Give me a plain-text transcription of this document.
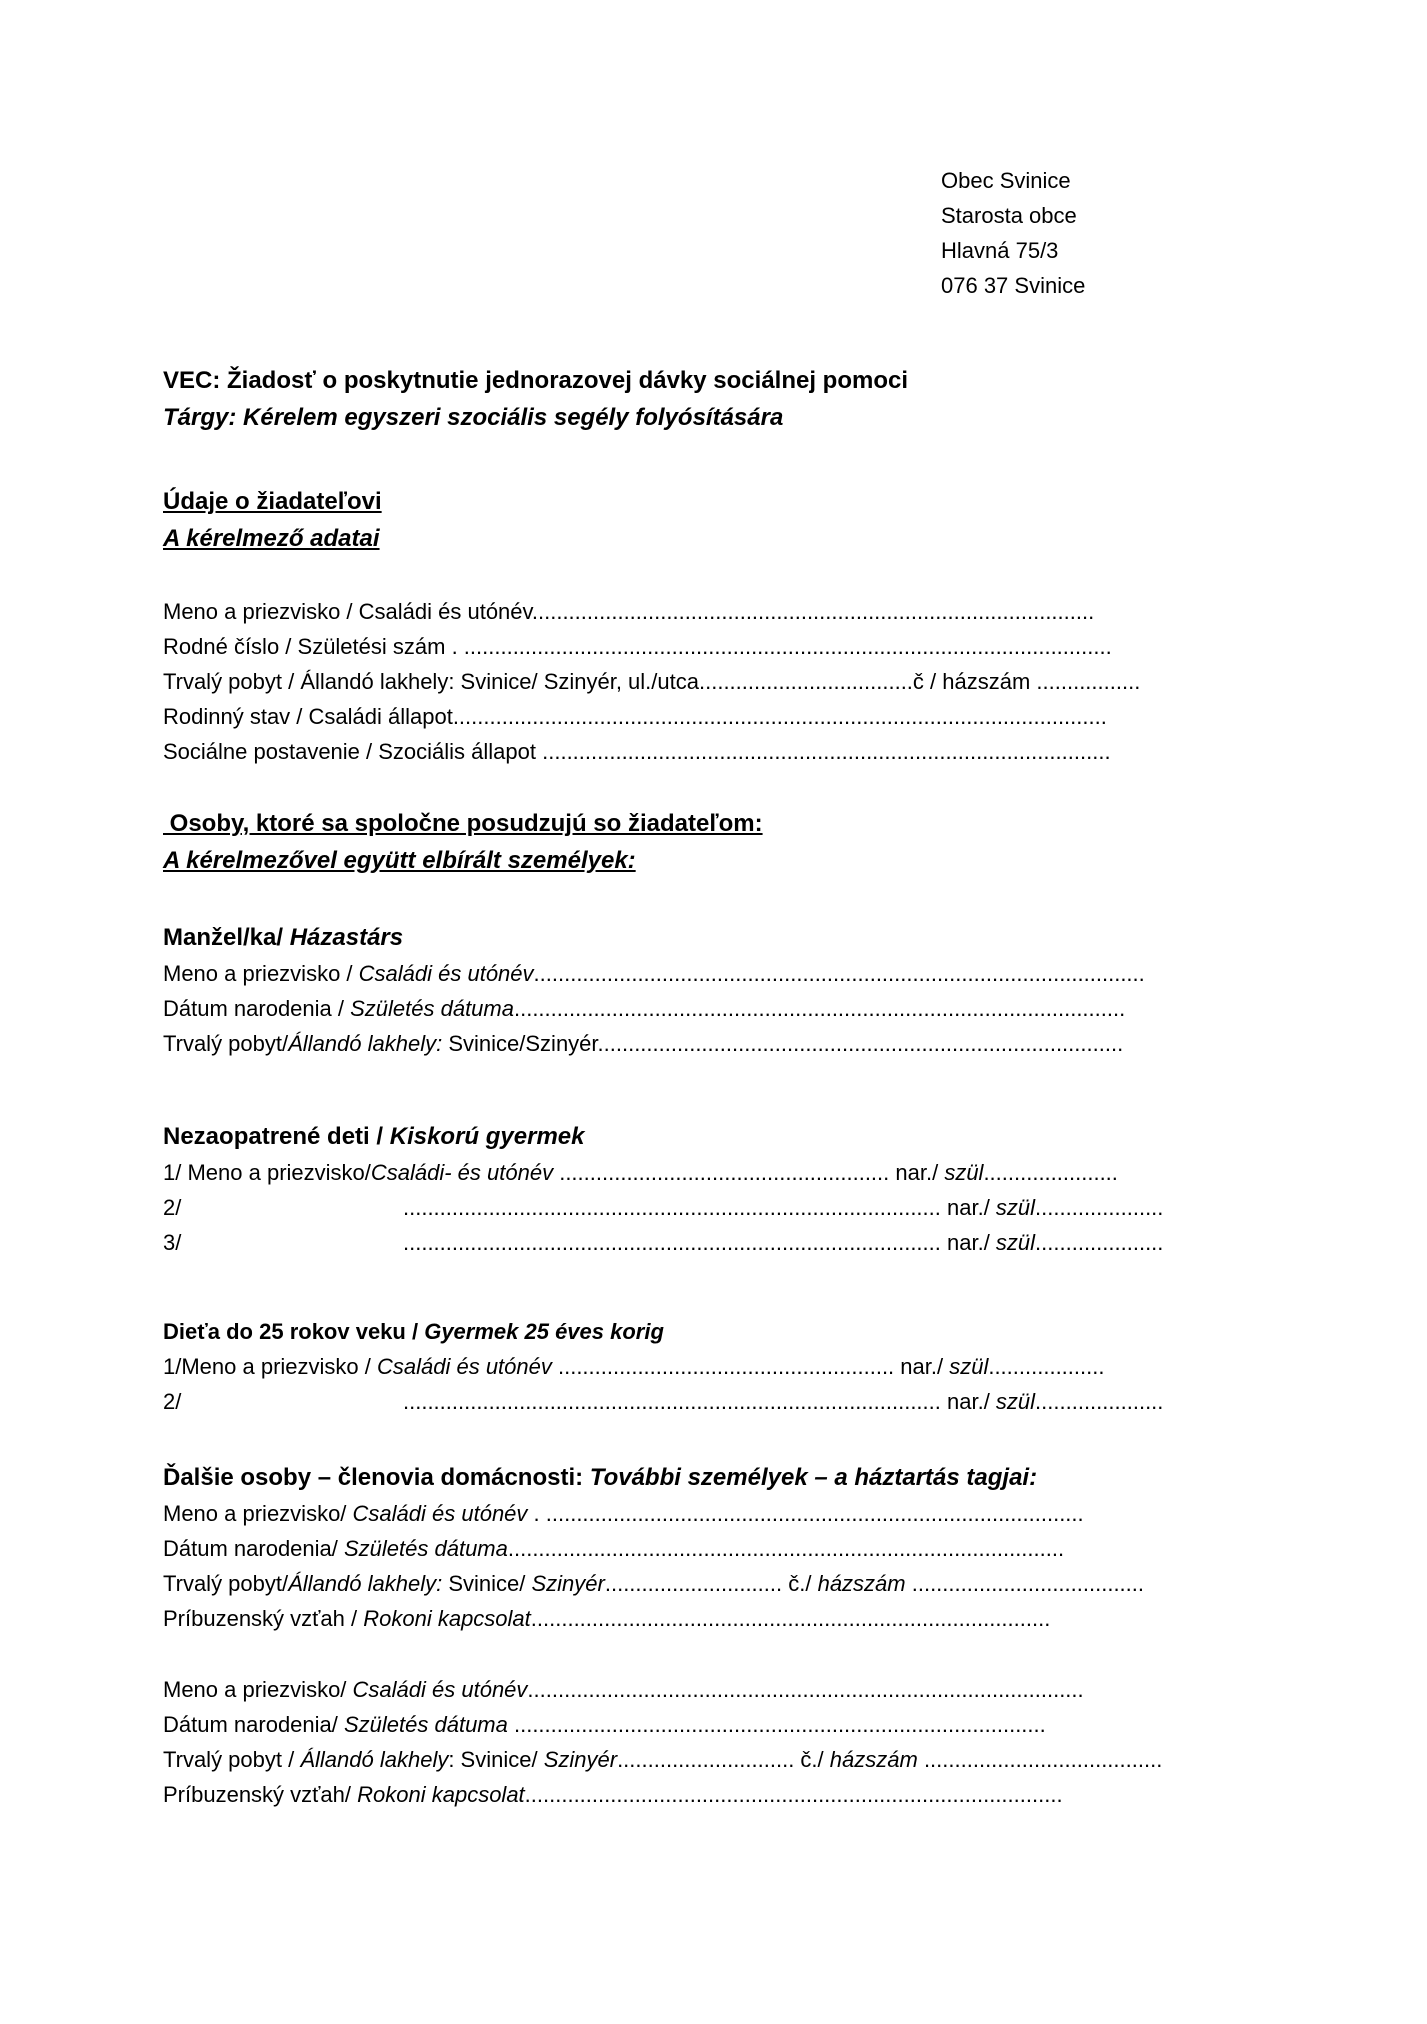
Obec Svinice
Starosta obce
Hlavná 75/3
076 37 Svinice
VEC: Žiadosť o poskytnutie jednorazovej dávky sociálnej pomoci
Tárgy: Kérelem egyszeri szociális segély folyósítására
Údaje o žiadateľovi
A kérelmező adatai
Meno a priezvisko / Családi és utónév............................................................................................
Rodné číslo / Születési szám . ..........................................................................................................
Trvalý pobyt / Állandó lakhely: Svinice/ Szinyér, ul./utca...................................č / házszám .................
Rodinný stav / Családi állapot...........................................................................................................
Sociálne postavenie / Szociális állapot .............................................................................................
Osoby, ktoré sa spoločne posudzujú so žiadateľom:
A kérelmezővel együtt elbírált személyek:
Manžel/ka/ Házastárs
Meno a priezvisko / Családi és utónév....................................................................................................
Dátum narodenia / Születés dátuma....................................................................................................
Trvalý pobyt/Állandó lakhely: Svinice/Szinyér......................................................................................
Nezaopatrené deti / Kiskorú gyermek
1/ Meno a priezvisko/Családi- és utónév ...................................................... nar./ szül......................
2/	........................................................................................ nar./ szül.....................
3/	........................................................................................ nar./ szül.....................
Dieťa do 25 rokov veku / Gyermek 25 éves korig
1/Meno a priezvisko / Családi és utónév ....................................................... nar./ szül...................
2/	........................................................................................ nar./ szül.....................
Ďalšie osoby – členovia domácnosti: További személyek – a háztartás tagjai:
Meno a priezvisko/ Családi és utónév . ........................................................................................
Dátum narodenia/ Születés dátuma...........................................................................................
Trvalý pobyt/Állandó lakhely: Svinice/ Szinyér............................. č./ házszám ......................................
Príbuzenský vzťah / Rokoni kapcsolat.....................................................................................
Meno a priezvisko/ Családi és utónév...........................................................................................
Dátum narodenia/ Születés dátuma .......................................................................................
Trvalý pobyt / Állandó lakhely: Svinice/ Szinyér............................. č./ házszám .......................................
Príbuzenský vzťah/ Rokoni kapcsolat........................................................................................
